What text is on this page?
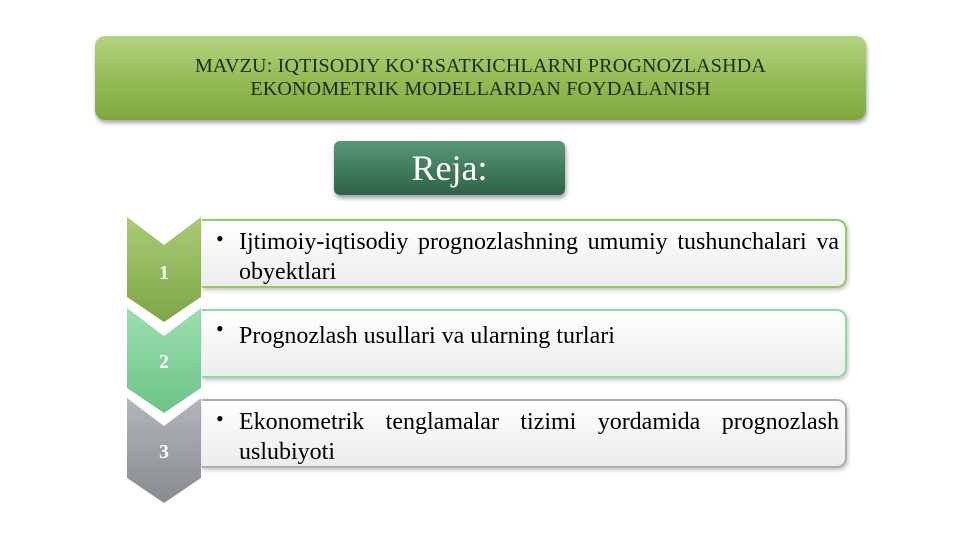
MAVZU: IQTISODIY KO‘RSATKICHLARNI PROGNOZLASHDA
EKONOMETRIK MODELLARDAN FOYDALANISH
Reja:
1
• Ijtimoiy-iqtisodiy prognozlashning umumiy tushunchalari va obyektlari
2
• Prognozlash usullari va ularning turlari
3
• Ekonometrik tenglamalar tizimi yordamida prognozlash uslubiyoti
